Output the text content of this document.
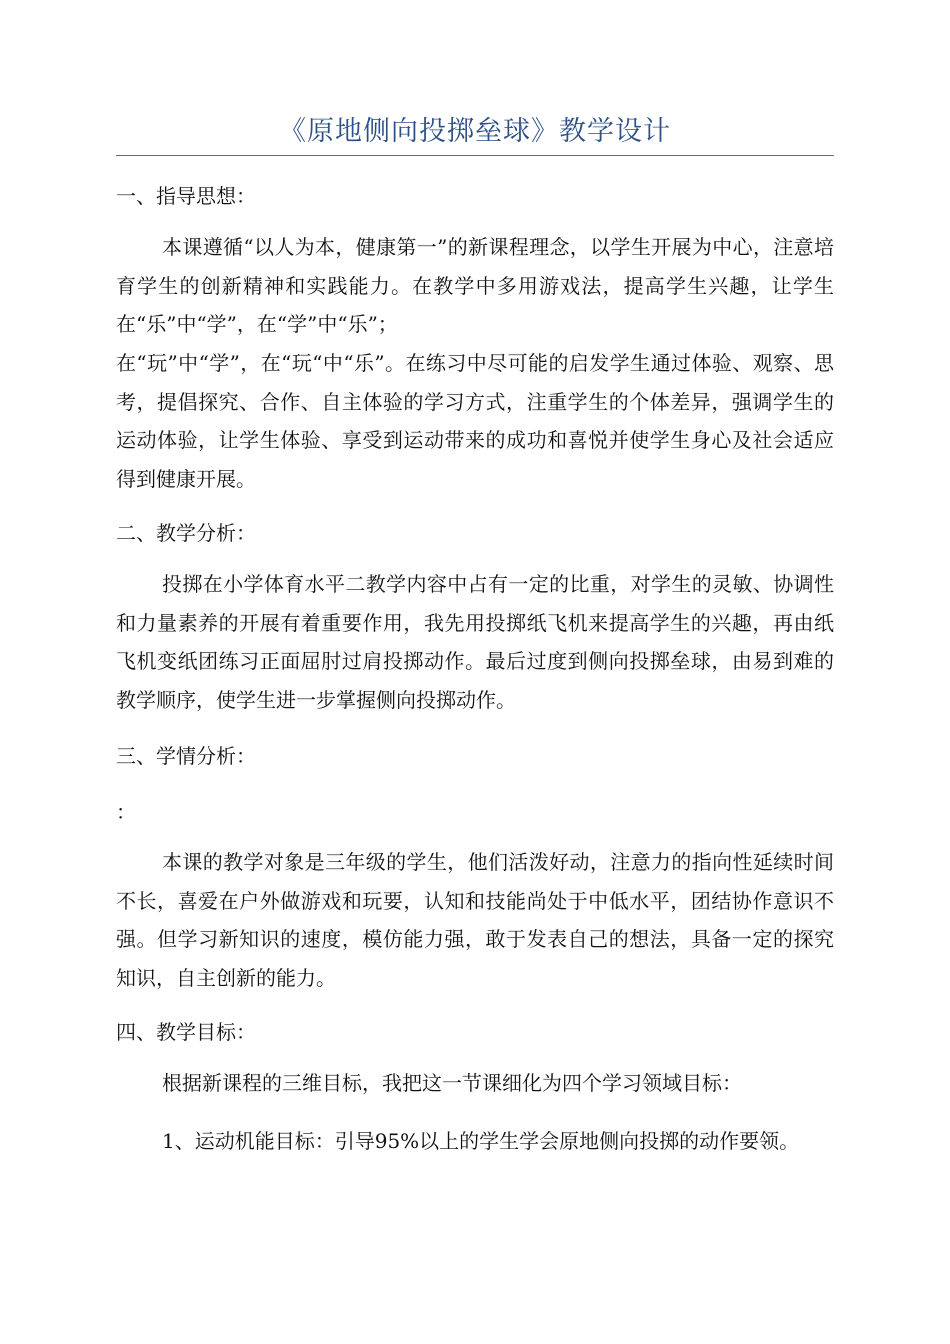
《原地侧向投掷垒球》教学设计
一、指导思想：

本课遵循“以人为本，健康第一”的新课程理念，以学生开展为中心，注意培育学生的创新精神和实践能力。在教学中多用游戏法，提高学生兴趣，让学生在“乐”中“学”，在“学”中“乐”；

在“玩”中“学”，在“玩“中“乐”。在练习中尽可能的启发学生通过体验、观察、思考，提倡探究、合作、自主体验的学习方式，注重学生的个体差异，强调学生的运动体验，让学生体验、享受到运动带来的成功和喜悦并使学生身心及社会适应得到健康开展。

二、教学分析：

投掷在小学体育水平二教学内容中占有一定的比重，对学生的灵敏、协调性和力量素养的开展有着重要作用，我先用投掷纸飞机来提高学生的兴趣，再由纸飞机变纸团练习正面屈肘过肩投掷动作。最后过度到侧向投掷垒球，由易到难的教学顺序，使学生进一步掌握侧向投掷动作。

三、学情分析：
：

本课的教学对象是三年级的学生，他们活泼好动，注意力的指向性延续时间不长，喜爱在户外做游戏和玩要，认知和技能尚处于中低水平，团结协作意识不强。但学习新知识的速度，模仿能力强，敢于发表自己的想法，具备一定的探究知识，自主创新的能力。

四、教学目标：

根据新课程的三维目标，我把这一节课细化为四个学习领域目标：

1、运动机能目标：引导95%以上的学生学会原地侧向投掷的动作要领。
